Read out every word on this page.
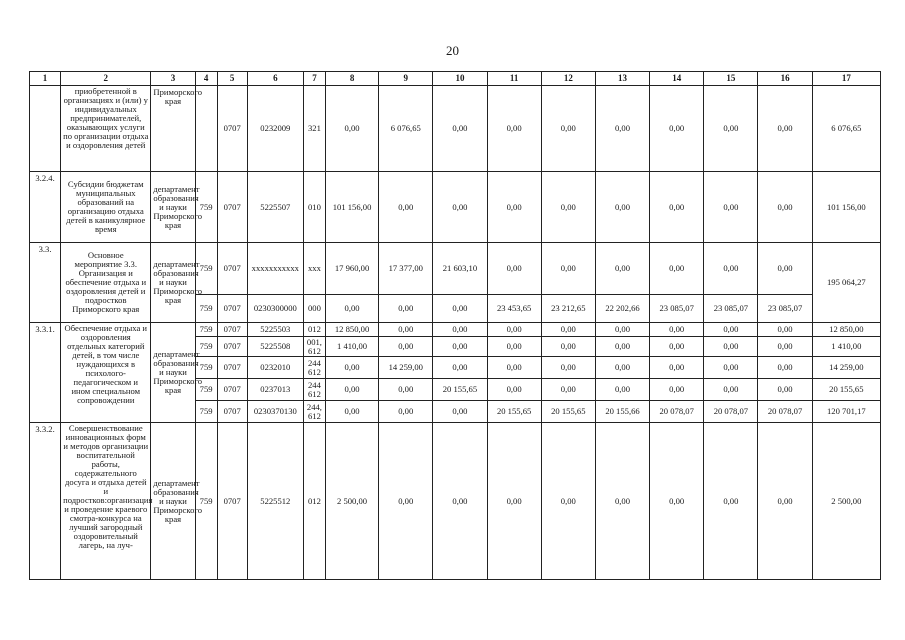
20
1	2	3	4	5	6	7	8	9	10	11	12	13	14	15	16	17
	приобретенной в организациях и (или) у индивидуальных предпринимателей, оказывающих услуги по организации отдыха и оздоровления детей	Приморского края		0707	0232009	321	0,00	6 076,65	0,00	0,00	0,00	0,00	0,00	0,00	0,00	6 076,65
3.2.4.	Субсидии бюджетам муниципальных образований на организацию отдыха детей в каникулярное время	департамент образования и науки Приморского края	759	0707	5225507	010	101 156,00	0,00	0,00	0,00	0,00	0,00	0,00	0,00	0,00	101 156,00
3.3.	Основное мероприятие 3.3. Организация и обеспечение отдыха и оздоровления детей и подростков Приморского края	департамент образования и науки Приморского края	759	0707	ххххххххххх	ххх	17 960,00	17 377,00	21 603,10	0,00	0,00	0,00	0,00	0,00	0,00	195 064,27
			759	0707	0230300000	000	0,00	0,00	0,00	23 453,65	23 212,65	22 202,66	23 085,07	23 085,07	23 085,07	
3.3.1.	Обеспечение отдыха и оздоровления отдельных категорий детей, в том числе нуждающихся в психолого-педагогическом и ином специальном сопровождении	департамент образования и науки Приморского края	759	0707	5225503	012	12 850,00	0,00	0,00	0,00	0,00	0,00	0,00	0,00	0,00	12 850,00
			759	0707	5225508	001, 612	1 410,00	0,00	0,00	0,00	0,00	0,00	0,00	0,00	0,00	1 410,00
			759	0707	0232010	244 612	0,00	14 259,00	0,00	0,00	0,00	0,00	0,00	0,00	0,00	14 259,00
			759	0707	0237013	244 612	0,00	0,00	20 155,65	0,00	0,00	0,00	0,00	0,00	0,00	20 155,65
			759	0707	0230370130	244, 612	0,00	0,00	0,00	20 155,65	20 155,65	20 155,66	20 078,07	20 078,07	20 078,07	120 701,17
3.3.2.	Совершенствование инновационных форм и методов организации воспитательной работы, содержательного досуга и отдыха детей и подростков:организация и проведение краевого смотра-конкурса на лучший загородный оздоровительный лагерь, на луч-	департамент образования и науки Приморского края	759	0707	5225512	012	2 500,00	0,00	0,00	0,00	0,00	0,00	0,00	0,00	0,00	2 500,00
